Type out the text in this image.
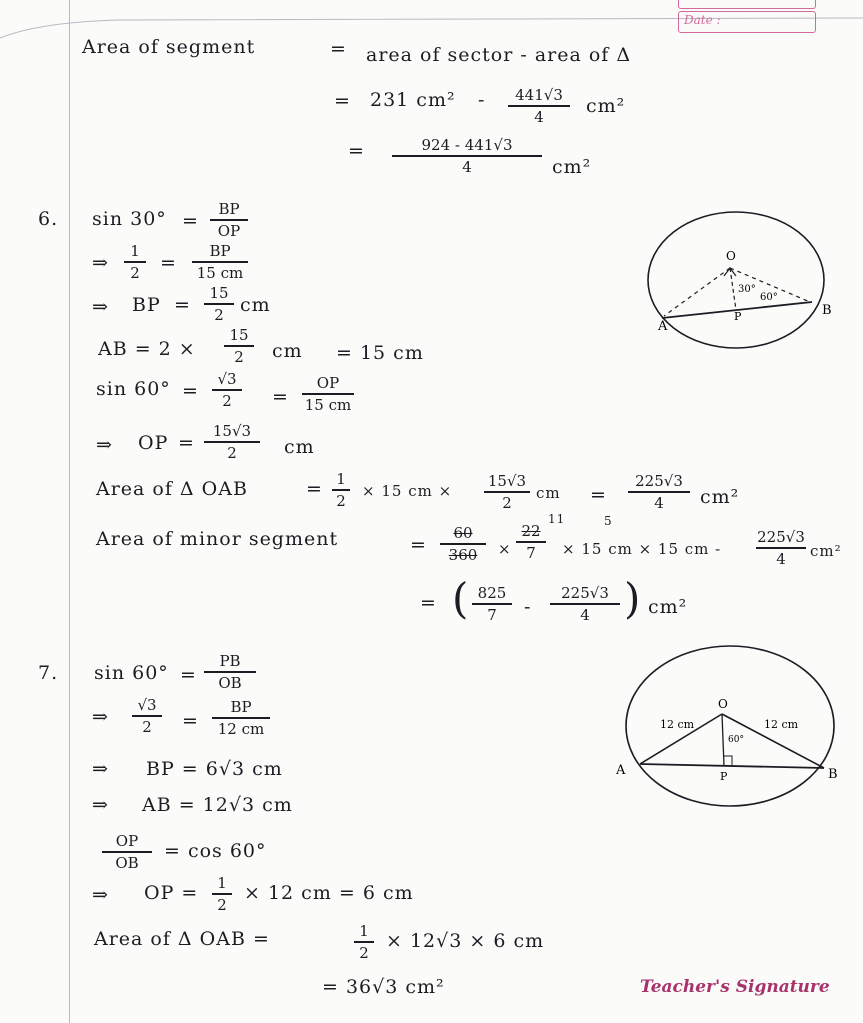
Date :
Area of segment	= area of sector - area of Δ
= 231 cm² -	441√3
4	cm²
=	924 - 441√3
4	cm²
6. sin 30° =
BP
OP
⇒
1
2	=
BP
15 cm
⇒ BP =
15
2 cm
AB = 2 ×
15
2	cm = 15 cm
sin 60° =
√3
2	=
OP
15 cm
⇒ OP =
15√3
2	cm
Area of Δ OAB	= 1
2
× 15 cm ×
15√3
2
cm =
225√3
4	cm²
Area of minor segment	=
60
360	×
22
7
11	5
× 15 cm × 15 cm -
225√3
4	cm²
= ( 825
7	-
225√3
4 ) cm²
O
30°
60°
A
P	B
7. sin 60° =
PB
OB
⇒
√3
2	=
BP
12 cm
⇒ BP = 6√3 cm
⇒ AB = 12√3 cm
OP
OB
= cos 60°
⇒ OP =	1
2
× 12 cm = 6 cm
Area of Δ OAB =	1
2
× 12√3 × 6 cm
= 36√3 cm²
O
12 cm	12 cm
60°
A	P	B
Teacher's Signature
